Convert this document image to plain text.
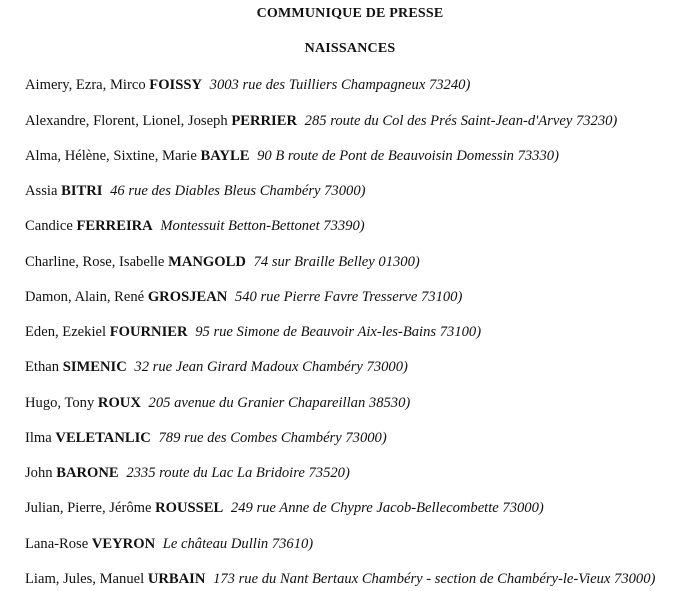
COMMUNIQUE DE PRESSE
NAISSANCES
Aimery, Ezra, Mirco FOISSY 3003 rue des Tuilliers Champagneux 73240)
Alexandre, Florent, Lionel, Joseph PERRIER 285 route du Col des Prés Saint-Jean-d'Arvey 73230)
Alma, Hélène, Sixtine, Marie BAYLE 90 B route de Pont de Beauvoisin Domessin 73330)
Assia BITRI 46 rue des Diables Bleus Chambéry 73000)
Candice FERREIRA Montessuit Betton-Bettonet 73390)
Charline, Rose, Isabelle MANGOLD 74 sur Braille Belley 01300)
Damon, Alain, René GROSJEAN 540 rue Pierre Favre Tresserve 73100)
Eden, Ezekiel FOURNIER 95 rue Simone de Beauvoir Aix-les-Bains 73100)
Ethan SIMENIC 32 rue Jean Girard Madoux Chambéry 73000)
Hugo, Tony ROUX 205 avenue du Granier Chapareillan 38530)
Ilma VELETANLIC 789 rue des Combes Chambéry 73000)
John BARONE 2335 route du Lac La Bridoire 73520)
Julian, Pierre, Jérôme ROUSSEL 249 rue Anne de Chypre Jacob-Bellecombette 73000)
Lana-Rose VEYRON Le château Dullin 73610)
Liam, Jules, Manuel URBAIN 173 rue du Nant Bertaux Chambéry - section de Chambéry-le-Vieux 73000)
